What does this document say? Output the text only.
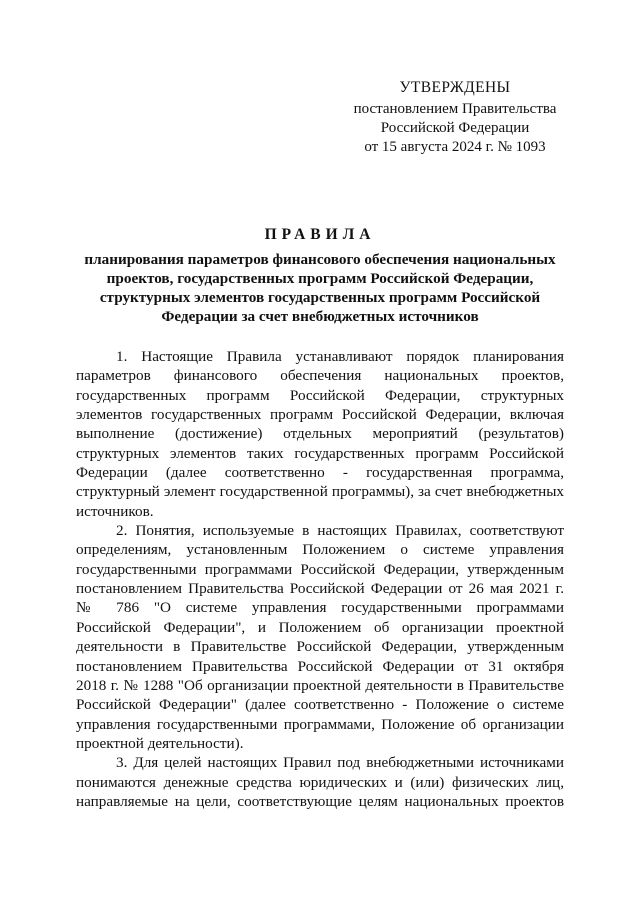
УТВЕРЖДЕНЫ
постановлением Правительства
Российской Федерации
от 15 августа 2024 г. № 1093
ПРАВИЛА
планирования параметров финансового обеспечения национальных
проектов, государственных программ Российской Федерации,
структурных элементов государственных программ Российской
Федерации за счет внебюджетных источников
1. Настоящие Правила устанавливают порядок планирования
параметров финансового обеспечения национальных проектов,
государственных программ Российской Федерации, структурных
элементов государственных программ Российской Федерации, включая
выполнение (достижение) отдельных мероприятий (результатов)
структурных элементов таких государственных программ Российской
Федерации (далее соответственно - государственная программа,
структурный элемент государственной программы), за счет внебюджетных
источников.
2. Понятия, используемые в настоящих Правилах, соответствуют
определениям, установленным Положением о системе управления
государственными программами Российской Федерации, утвержденным
постановлением Правительства Российской Федерации от 26 мая 2021 г.
№ 786 "О системе управления государственными программами
Российской Федерации", и Положением об организации проектной
деятельности в Правительстве Российской Федерации, утвержденным
постановлением Правительства Российской Федерации от 31 октября
2018 г. № 1288 "Об организации проектной деятельности в Правительстве
Российской Федерации" (далее соответственно - Положение о системе
управления государственными программами, Положение об организации
проектной деятельности).
3. Для целей настоящих Правил под внебюджетными источниками
понимаются денежные средства юридических и (или) физических лиц,
направляемые на цели, соответствующие целям национальных проектов
